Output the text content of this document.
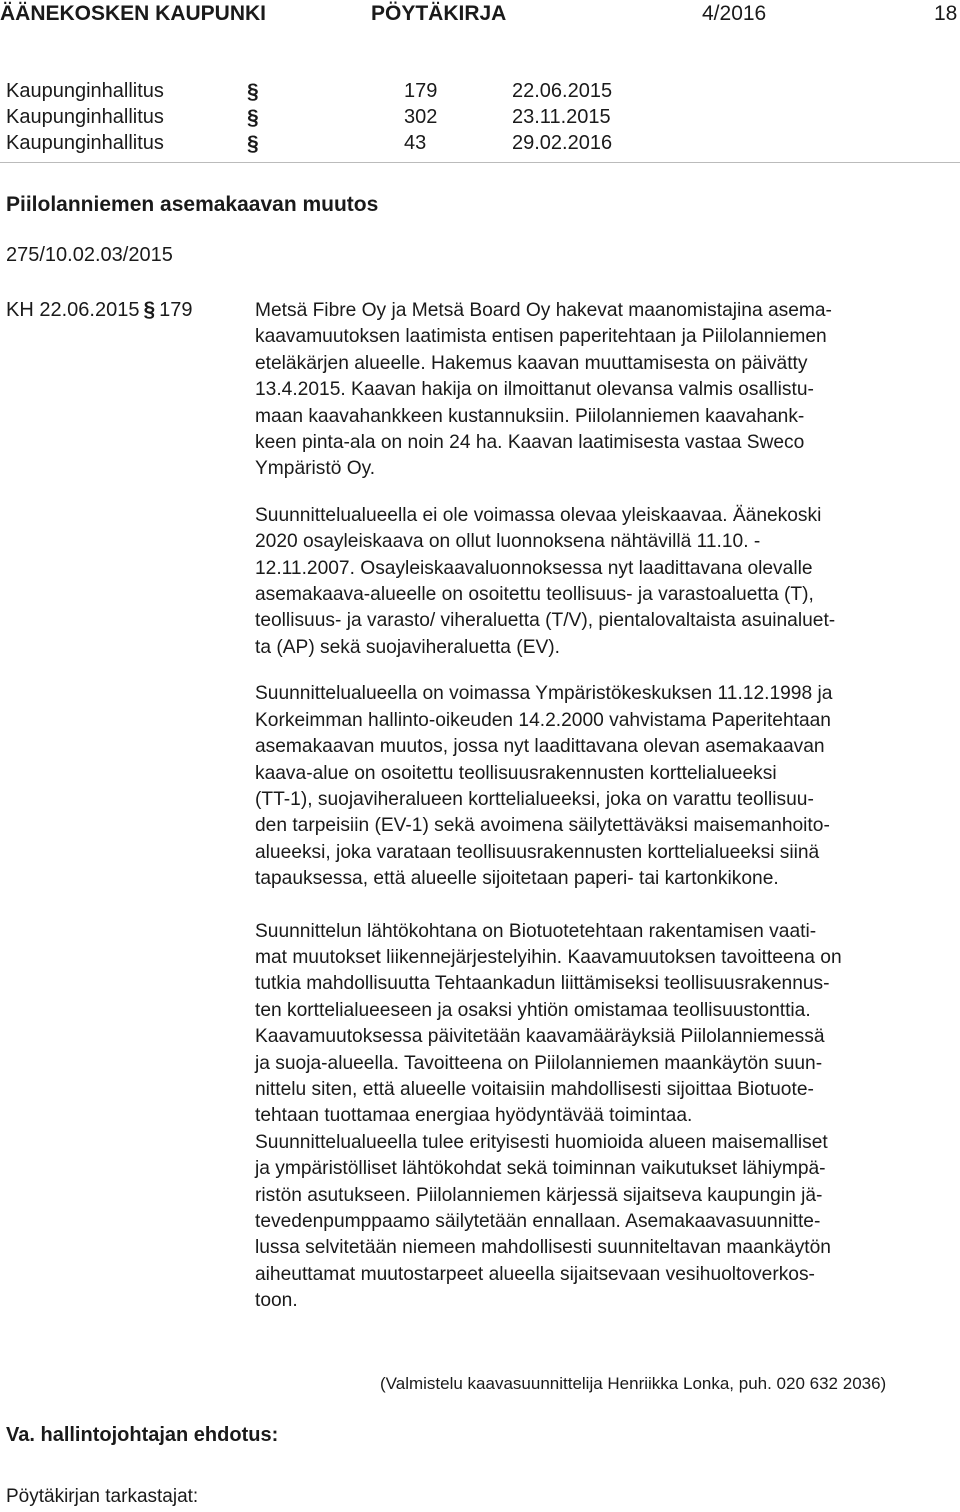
ÄÄNEKOSKEN KAUPUNKI	PÖYTÄKIRJA	4/2016	18
Kaupunginhallitus	§	179	22.06.2015
Kaupunginhallitus	§	302	23.11.2015
Kaupunginhallitus	§	43	29.02.2016
Piilolanniemen asemakaavan muutos
275/10.02.03/2015
KH 22.06.2015 § 179	Metsä Fibre Oy ja Metsä Board Oy hakevat maanomistajina asema-

kaavamuutoksen laatimista entisen paperitehtaan ja Piilolanniemen

eteläkärjen alueelle. Hakemus kaavan muuttamisesta on päivätty

13.4.2015. Kaavan hakija on ilmoittanut olevansa valmis osallistu-

maan kaavahankkeen kustannuksiin. Piilolanniemen kaavahank-

keen pinta-ala on noin 24 ha. Kaavan laatimisesta vastaa Sweco

Ympäristö Oy.

Suunnittelualueella ei ole voimassa olevaa yleiskaavaa. Äänekoski

2020 osayleiskaava on ollut luonnoksena nähtävillä 11.10. -

12.11.2007. Osayleiskaavaluonnoksessa nyt laadittavana olevalle

asemakaava-alueelle on osoitettu teollisuus- ja varastoaluetta (T),

teollisuus- ja varasto/ viheraluetta (T/V), pientalovaltaista asuinaluet-

ta (AP) sekä suojaviheraluetta (EV).

Suunnittelualueella on voimassa Ympäristökeskuksen 11.12.1998 ja

Korkeimman hallinto-oikeuden 14.2.2000 vahvistama Paperitehtaan

asemakaavan muutos, jossa nyt laadittavana olevan asemakaavan

kaava-alue on osoitettu teollisuusrakennusten korttelialueeksi

(TT-1), suojaviheralueen korttelialueeksi, joka on varattu teollisuu-

den tarpeisiin (EV-1) sekä avoimena säilytettäväksi maisemanhoito-

alueeksi, joka varataan teollisuusrakennusten korttelialueeksi siinä

tapauksessa, että alueelle sijoitetaan paperi- tai kartonkikone.

Suunnittelun lähtökohtana on Biotuotetehtaan rakentamisen vaati-

mat muutokset liikennejärjestelyihin. Kaavamuutoksen tavoitteena on

tutkia mahdollisuutta Tehtaankadun liittämiseksi teollisuusrakennus-

ten korttelialueeseen ja osaksi yhtiön omistamaa teollisuustonttia.

Kaavamuutoksessa päivitetään kaavamääräyksiä Piilolanniemessä

ja suoja-alueella. Tavoitteena on Piilolanniemen maankäytön suun-

nittelu siten, että alueelle voitaisiin mahdollisesti sijoittaa Biotuote-

tehtaan tuottamaa energiaa hyödyntävää toimintaa.

Suunnittelualueella tulee erityisesti huomioida alueen maisemalliset

ja ympäristölliset lähtökohdat sekä toiminnan vaikutukset lähiympä-

ristön asutukseen. Piilolanniemen kärjessä sijaitseva kaupungin jä-

tevedenpumppaamo säilytetään ennallaan. Asemakaavasuunnitte-

lussa selvitetään niemeen mahdollisesti suunniteltavan maankäytön

aiheuttamat muutostarpeet alueella sijaitsevaan vesihuoltoverkos-

toon.

(Valmistelu kaavasuunnittelija Henriikka Lonka, puh. 020 632 2036)
Va. hallintojohtajan ehdotus:
Pöytäkirjan tarkastajat:
